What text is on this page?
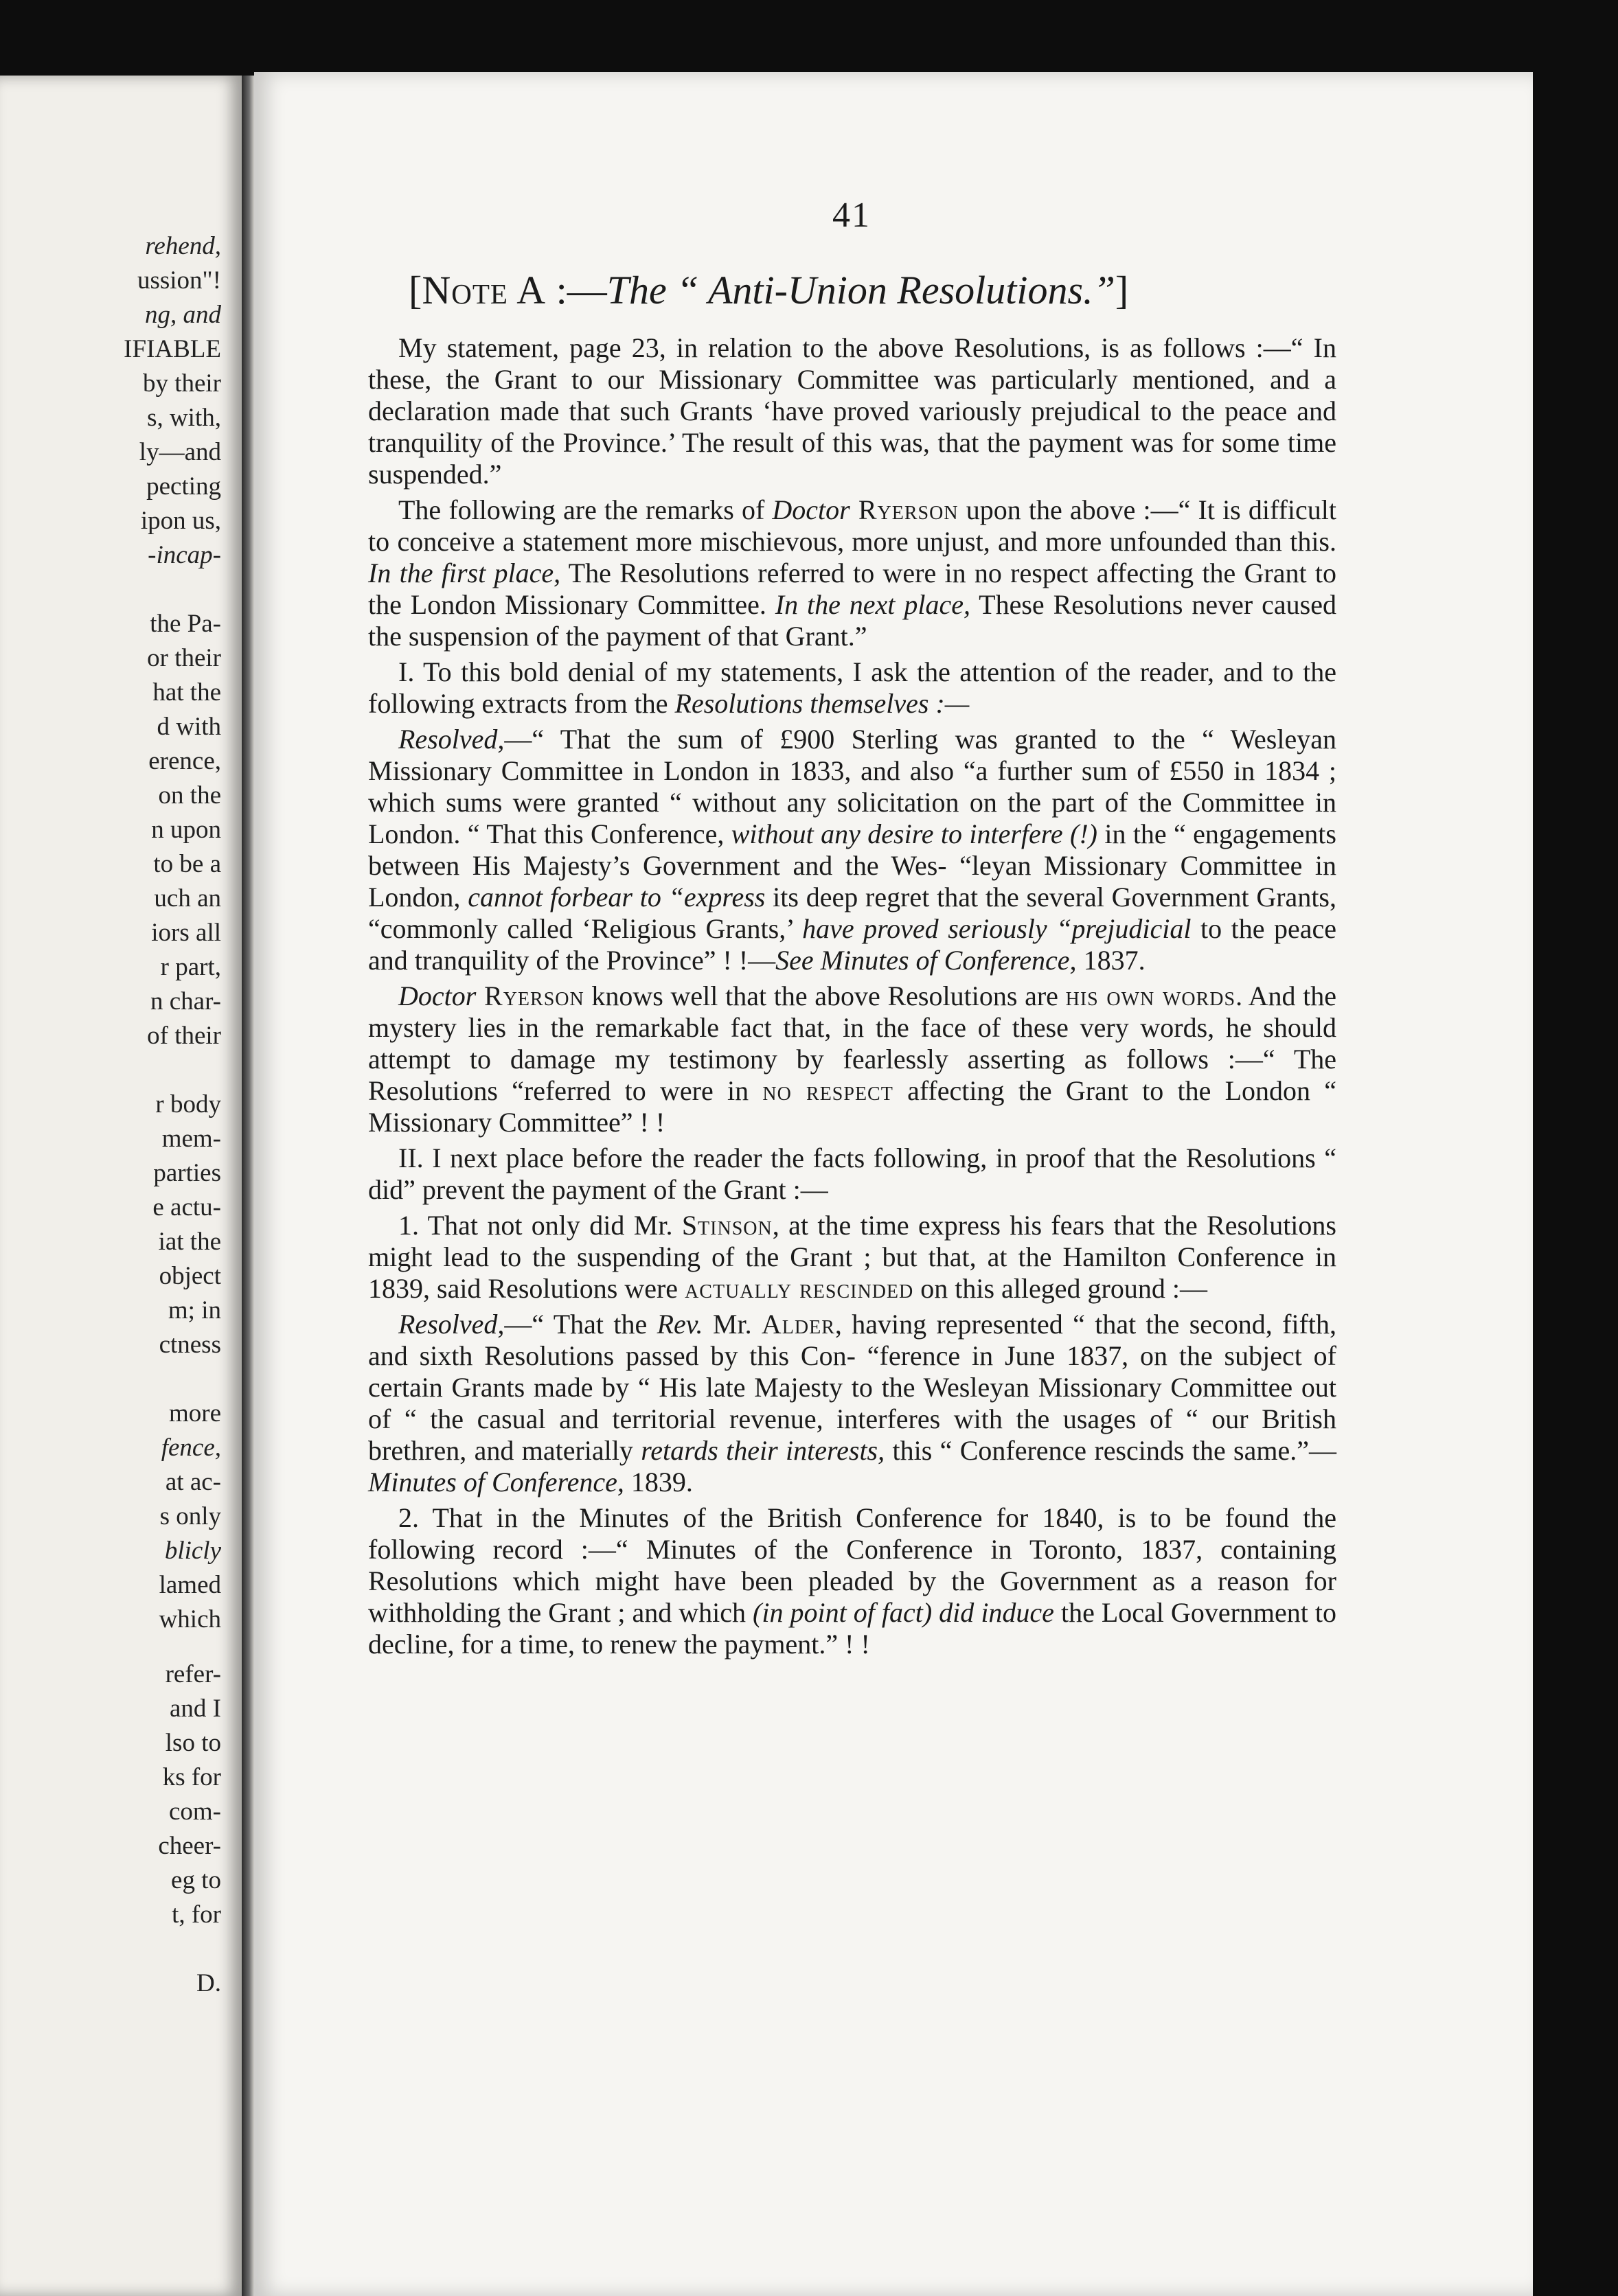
rehend,
ussion"!
ng, and
IFIABLE
by their
s, with,
ly—and
pecting
ipon us,
-incap-
the Pa-
or their
hat the
d with
erence,
on the
n upon
to be a
uch an
iors all
r part,
n char-
of their
r body
mem-
parties
e actu-
iat the
object
m; in
ctness
more
fence,
at ac-
s only
blicly
lamed
which
refer-
and I
lso to
ks for
com-
cheer-
eg to
t, for
D.
41
[Note A :—The “ Anti-Union Resolutions.”]

My statement, page 23, in relation to the above Resolutions, is as follows :—“ In these, the Grant to our Missionary Committee was particularly mentioned, and a declaration made that such Grants ‘have proved variously prejudical to the peace and tranquility of the Province.’ The result of this was, that the payment was for some time suspended.”

The following are the remarks of Doctor Ryerson upon the above :—“ It is difficult to conceive a statement more mischievous, more unjust, and more unfounded than this. In the first place, The Resolutions referred to were in no respect affecting the Grant to the London Missionary Committee. In the next place, These Resolutions never caused the suspension of the payment of that Grant.”

I. To this bold denial of my statements, I ask the attention of the reader, and to the following extracts from the Resolutions themselves :—

Resolved,—“ That the sum of £900 Sterling was granted to the “ Wesleyan Missionary Committee in London in 1833, and also “a further sum of £550 in 1834 ; which sums were granted “ without any solicitation on the part of the Committee in London. “ That this Conference, without any desire to interfere (!) in the “ engagements between His Majesty’s Government and the Wes- “leyan Missionary Committee in London, cannot forbear to “express its deep regret that the several Government Grants, “commonly called ‘Religious Grants,’ have proved seriously “prejudicial to the peace and tranquility of the Province” ! !—See Minutes of Conference, 1837.

Doctor Ryerson knows well that the above Resolutions are his own words. And the mystery lies in the remarkable fact that, in the face of these very words, he should attempt to damage my testimony by fearlessly asserting as follows :—“ The Resolutions “referred to were in no respect affecting the Grant to the London “ Missionary Committee” ! !

II. I next place before the reader the facts following, in proof that the Resolutions “ did” prevent the payment of the Grant :—

1. That not only did Mr. Stinson, at the time express his fears that the Resolutions might lead to the suspending of the Grant ; but that, at the Hamilton Conference in 1839, said Resolutions were actually rescinded on this alleged ground :—

Resolved,—“ That the Rev. Mr. Alder, having represented “ that the second, fifth, and sixth Resolutions passed by this Con- “ference in June 1837, on the subject of certain Grants made by “ His late Majesty to the Wesleyan Missionary Committee out of “ the casual and territorial revenue, interferes with the usages of “ our British brethren, and materially retards their interests, this “ Conference rescinds the same.”—Minutes of Conference, 1839.

2. That in the Minutes of the British Conference for 1840, is to be found the following record :—“ Minutes of the Conference in Toronto, 1837, containing Resolutions which might have been pleaded by the Government as a reason for withholding the Grant ; and which (in point of fact) did induce the Local Government to decline, for a time, to renew the payment.” ! !
